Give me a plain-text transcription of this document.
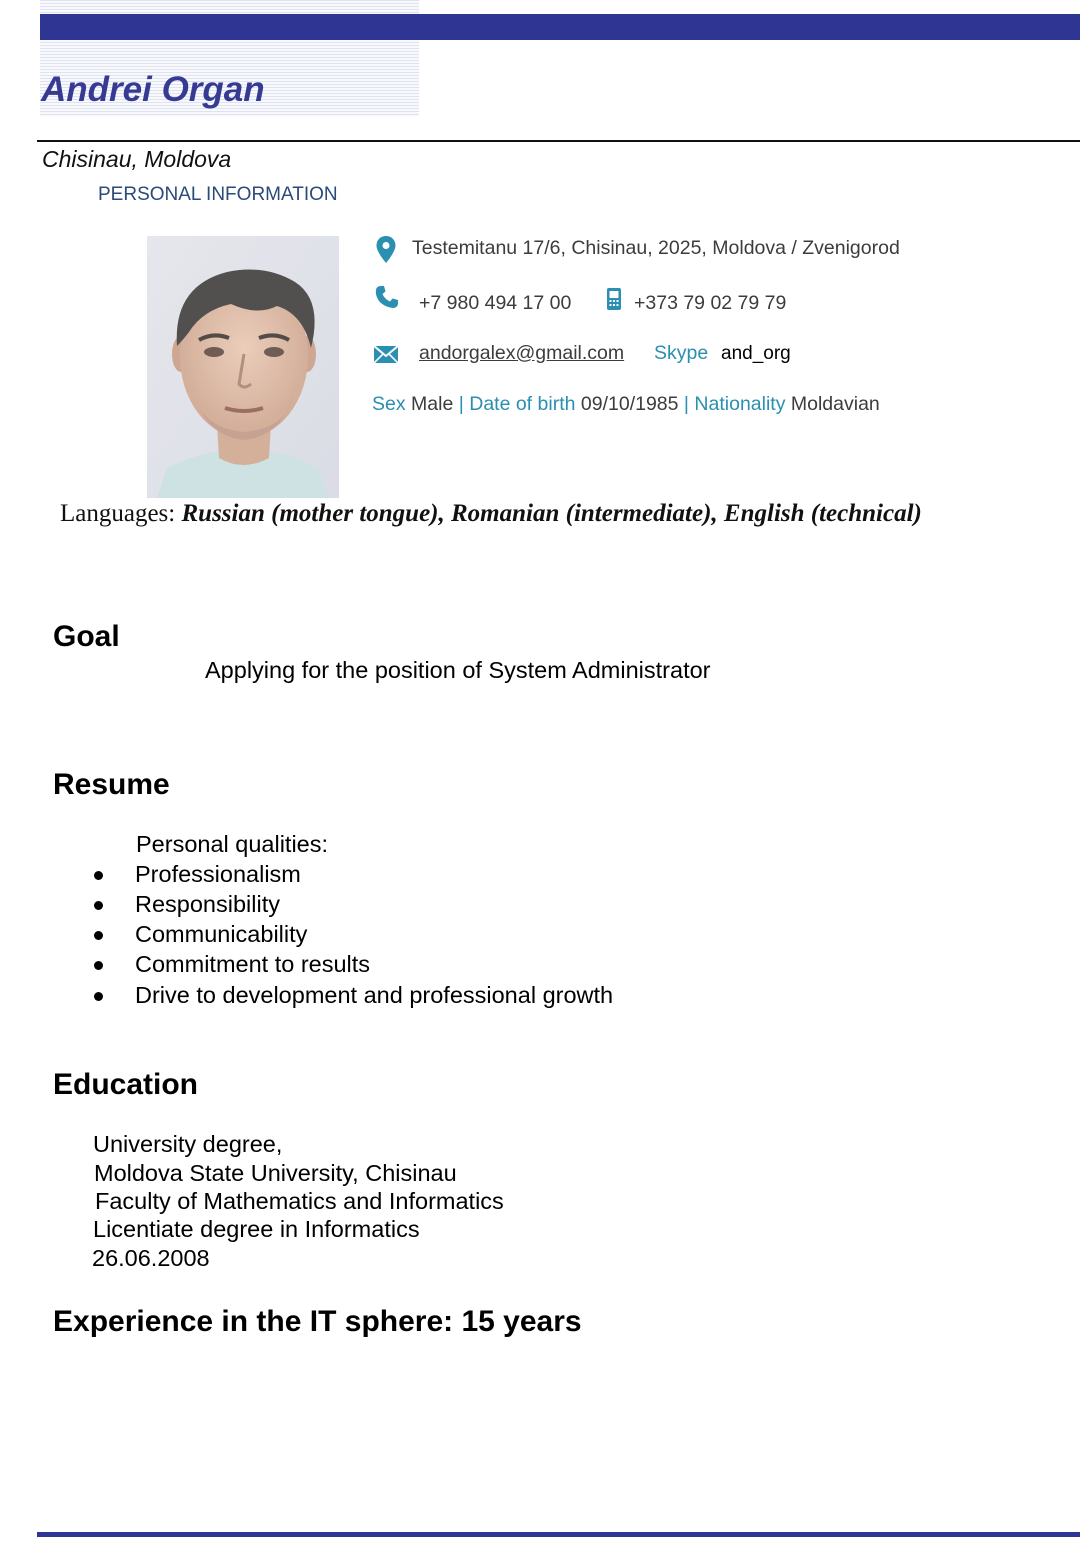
Andrei Organ
Chisinau, Moldova
PERSONAL INFORMATION
Testemitanu 17/6, Chisinau, 2025, Moldova / Zvenigorod
+7 980 494 17 00	+373 79 02 79 79
andorgalex@gmail.com Skype and_org
Sex Male | Date of birth 09/10/1985 | Nationality Moldavian
Languages: Russian (mother tongue), Romanian (intermediate), English (technical)
Goal
Applying for the position of System Administrator
Resume
Personal qualities:
Professionalism
Responsibility
Communicability
Commitment to results
Drive to development and professional growth
Education
University degree,
Moldova State University, Chisinau
Faculty of Mathematics and Informatics
Licentiate degree in Informatics
26.06.2008
Experience in the IT sphere: 15 years
